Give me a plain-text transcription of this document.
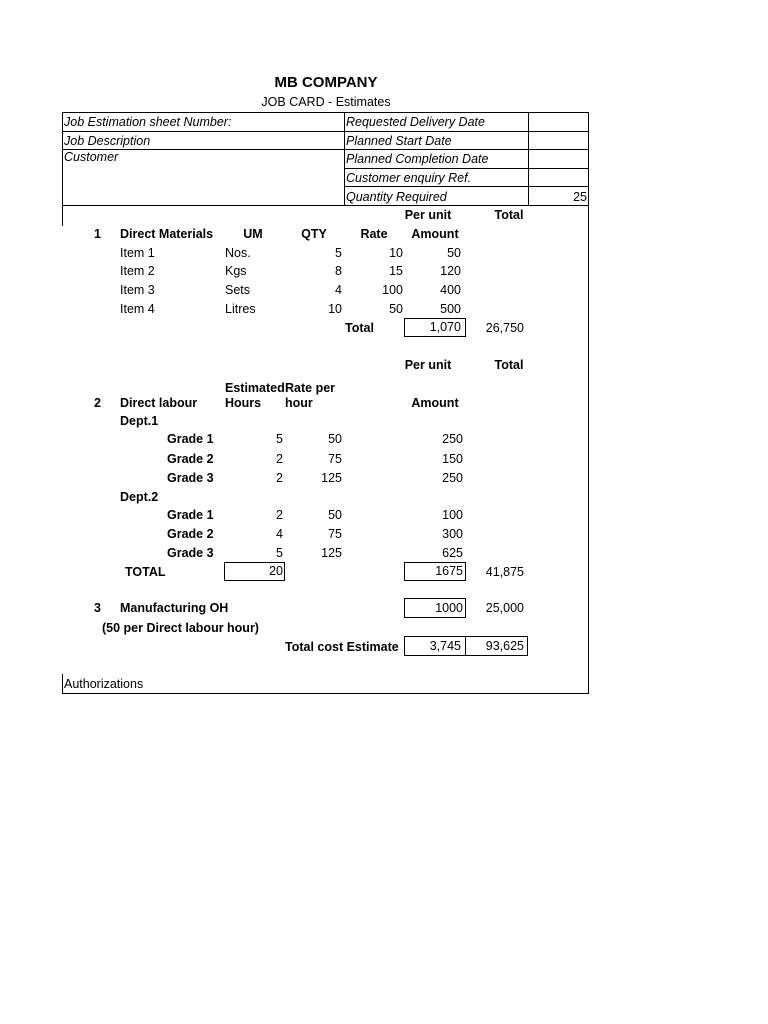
MB COMPANY
JOB CARD - Estimates
Job Estimation sheet Number:
Job Description
Customer
Requested Delivery Date
Planned Start Date
Planned Completion Date
Customer enquiry Ref.
Quantity Required	25
Per unit	Total
1 Direct Materials	UM	QTY	Rate Amount
Item 1	Nos.	5	10	50
Item 2	Kgs	8	15	120
Item 3	Sets	4	100	400
Item 4	Litres	10	50	500
Total	1,070	26,750
Per unit	Total
Estimated
Hours
Rate per
hour
2 Direct labour	Amount
Dept.1
Grade 1	5	50	250
Grade 2	2	75	150
Grade 3	2	125	250
Dept.2
Grade 1	2	50	100
Grade 2	4	75	300
Grade 3	5	125	625
TOTAL	20	1675	41,875
3 Manufacturing OH	1000	25,000
(50 per Direct labour hour)
Total cost Estimate	3,745	93,625
Authorizations
